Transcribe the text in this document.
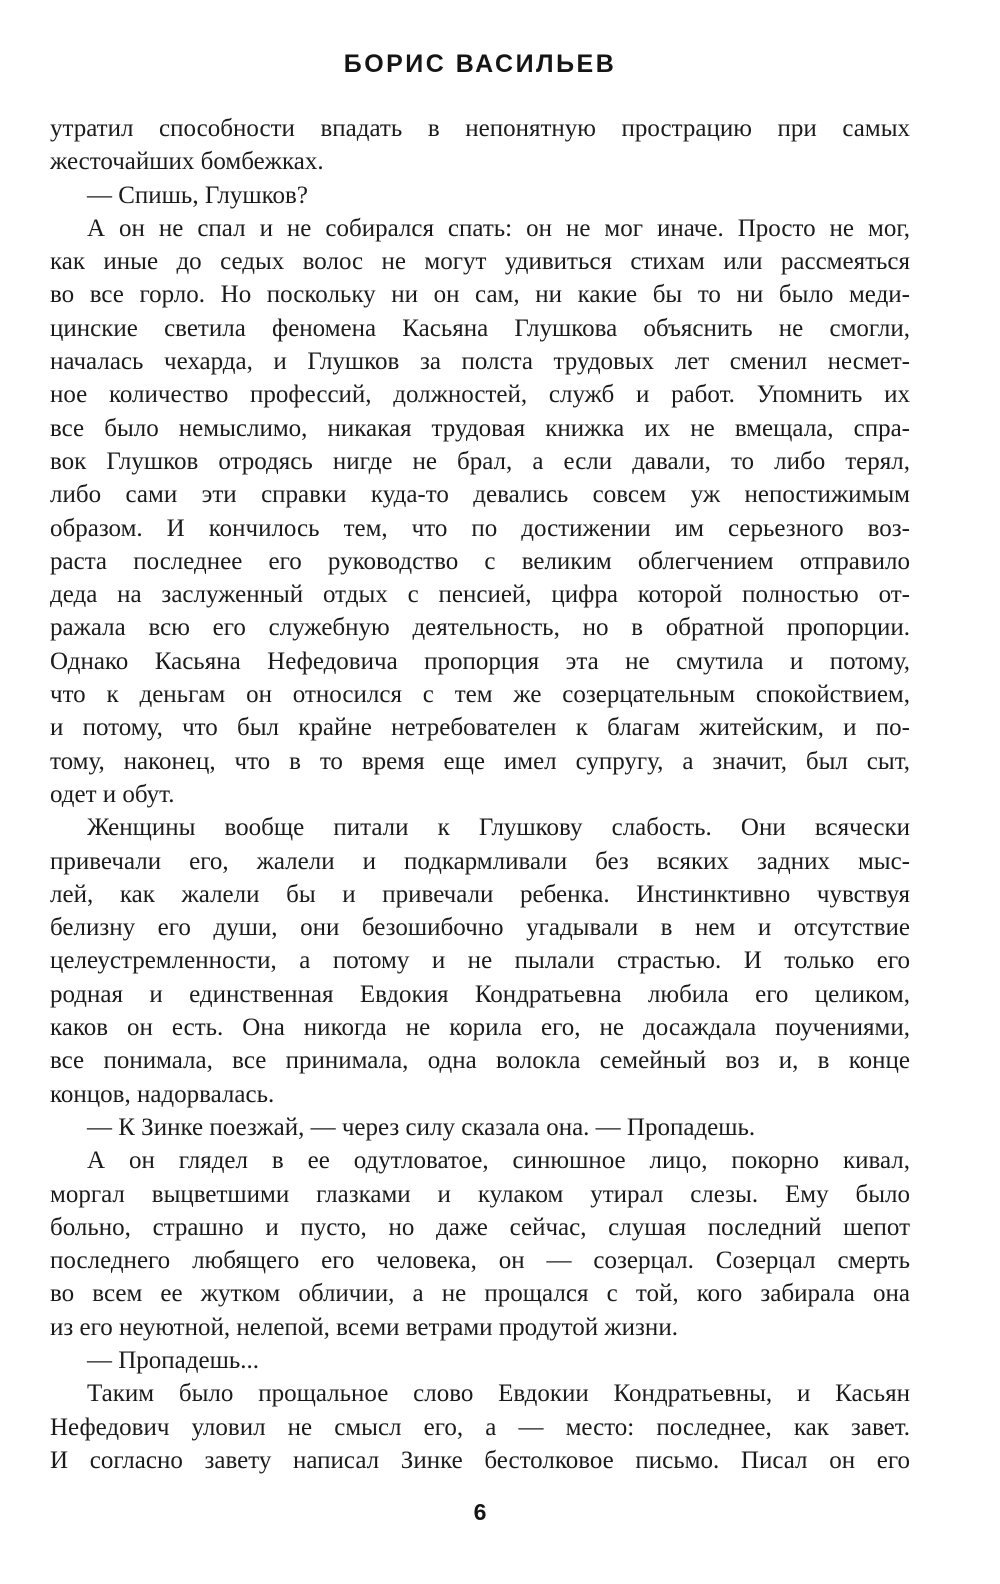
БОРИС ВАСИЛЬЕВ
утратил способности впадать в непонятную прострацию при самых
жесточайших бомбежках.
— Спишь, Глушков?
А он не спал и не собирался спать: он не мог иначе. Просто не мог,
как иные до седых волос не могут удивиться стихам или рассмеяться
во все горло. Но поскольку ни он сам, ни какие бы то ни было меди-
цинские светила феномена Касьяна Глушкова объяснить не смогли,
началась чехарда, и Глушков за полста трудовых лет сменил несмет-
ное количество профессий, должностей, служб и работ. Упомнить их
все было немыслимо, никакая трудовая книжка их не вмещала, спра-
вок Глушков отродясь нигде не брал, а если давали, то либо терял,
либо сами эти справки куда-то девались совсем уж непостижимым
образом. И кончилось тем, что по достижении им серьезного воз-
раста последнее его руководство с великим облегчением отправило
деда на заслуженный отдых с пенсией, цифра которой полностью от-
ражала всю его служебную деятельность, но в обратной пропорции.
Однако Касьяна Нефедовича пропорция эта не смутила и потому,
что к деньгам он относился с тем же созерцательным спокойствием,
и потому, что был крайне нетребователен к благам житейским, и по-
тому, наконец, что в то время еще имел супругу, а значит, был сыт,
одет и обут.
Женщины вообще питали к Глушкову слабость. Они всячески
привечали его, жалели и подкармливали без всяких задних мыс-
лей, как жалели бы и привечали ребенка. Инстинктивно чувствуя
белизну его души, они безошибочно угадывали в нем и отсутствие
целеустремленности, а потому и не пылали страстью. И только его
родная и единственная Евдокия Кондратьевна любила его целиком,
каков он есть. Она никогда не корила его, не досаждала поучениями,
все понимала, все принимала, одна волокла семейный воз и, в конце
концов, надорвалась.
— К Зинке поезжай, — через силу сказала она. — Пропадешь.
А он глядел в ее одутловатое, синюшное лицо, покорно кивал,
моргал выцветшими глазками и кулаком утирал слезы. Ему было
больно, страшно и пусто, но даже сейчас, слушая последний шепот
последнего любящего его человека, он — созерцал. Созерцал смерть
во всем ее жутком обличии, а не прощался с той, кого забирала она
из его неуютной, нелепой, всеми ветрами продутой жизни.
— Пропадешь...
Таким было прощальное слово Евдокии Кондратьевны, и Касьян
Нефедович уловил не смысл его, а — место: последнее, как завет.
И согласно завету написал Зинке бестолковое письмо. Писал он его
6
